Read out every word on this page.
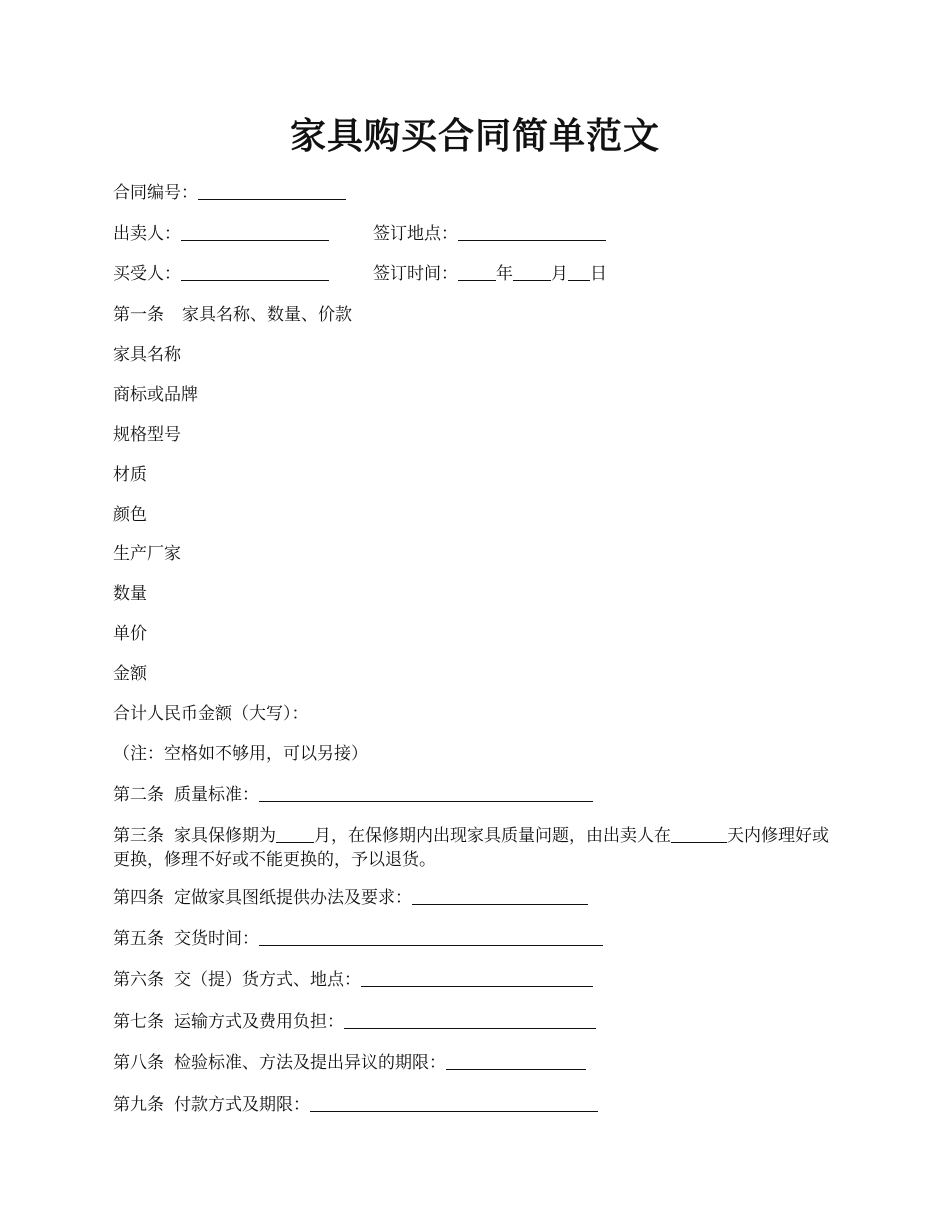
家具购买合同简单范文
合同编号：
出卖人：	签订地点：
买受人：	签订时间： 年 月 日
第一条 家具名称、数量、价款
家具名称
商标或品牌
规格型号
材质
颜色
生产厂家
数量
单价
金额
合计人民币金额（大写）：
（注：空格如不够用，可以另接）
第二条 质量标准：
第三条 家具保修期为 月，在保修期内出现家具质量问题，由出卖人在	天内修理好或更换，修理不好或不能更换的，予以退货。
第四条 定做家具图纸提供办法及要求：
第五条 交货时间：
第六条 交（提）货方式、地点：
第七条 运输方式及费用负担：
第八条 检验标准、方法及提出异议的期限：
第九条 付款方式及期限：
